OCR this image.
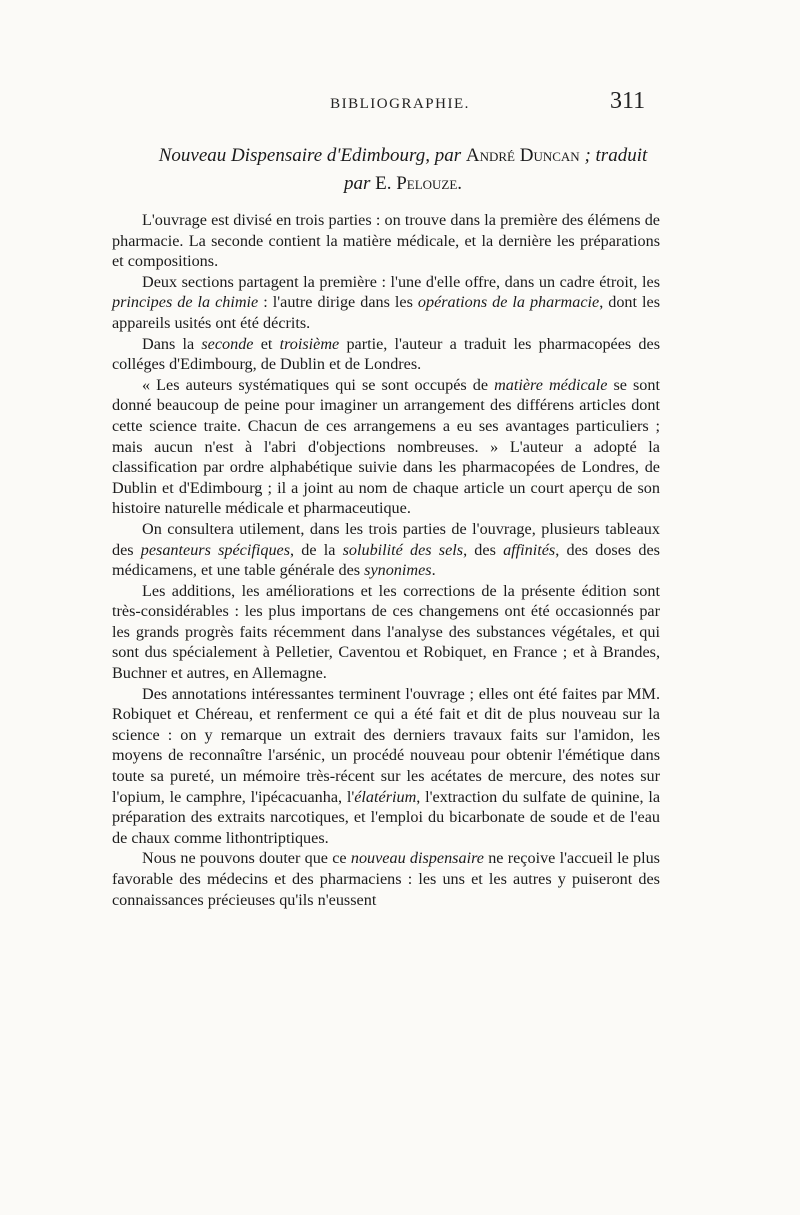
BIBLIOGRAPHIE.	311
Nouveau Dispensaire d'Edimbourg, par André Duncan ; traduit
par E. Pelouze.

L'ouvrage est divisé en trois parties : on trouve dans la première des élémens de pharmacie. La seconde contient la matière médicale, et la dernière les préparations et compositions.

Deux sections partagent la première : l'une d'elle offre, dans un cadre étroit, les principes de la chimie : l'autre dirige dans les opérations de la pharmacie, dont les appareils usités ont été décrits.

Dans la seconde et troisième partie, l'auteur a traduit les pharmacopées des colléges d'Edimbourg, de Dublin et de Londres.

« Les auteurs systématiques qui se sont occupés de matière médicale se sont donné beaucoup de peine pour imaginer un arrangement des différens articles dont cette science traite. Chacun de ces arrangemens a eu ses avantages particuliers ; mais aucun n'est à l'abri d'objections nombreuses. » L'auteur a adopté la classification par ordre alphabétique suivie dans les pharmacopées de Londres, de Dublin et d'Edimbourg ; il a joint au nom de chaque article un court aperçu de son histoire naturelle médicale et pharmaceutique.

On consultera utilement, dans les trois parties de l'ouvrage, plusieurs tableaux des pesanteurs spécifiques, de la solubilité des sels, des affinités, des doses des médicamens, et une table générale des synonimes.

Les additions, les améliorations et les corrections de la présente édition sont très-considérables : les plus importans de ces changemens ont été occasionnés par les grands progrès faits récemment dans l'analyse des substances végétales, et qui sont dus spécialement à Pelletier, Caventou et Robiquet, en France ; et à Brandes, Buchner et autres, en Allemagne.

Des annotations intéressantes terminent l'ouvrage ; elles ont été faites par MM. Robiquet et Chéreau, et renferment ce qui a été fait et dit de plus nouveau sur la science : on y remarque un extrait des derniers travaux faits sur l'amidon, les moyens de reconnaître l'arsénic, un procédé nouveau pour obtenir l'émétique dans toute sa pureté, un mémoire très-récent sur les acétates de mercure, des notes sur l'opium, le camphre, l'ipécacuanha, l'élatérium, l'extraction du sulfate de quinine, la préparation des extraits narcotiques, et l'emploi du bicarbonate de soude et de l'eau de chaux comme lithontriptiques.

Nous ne pouvons douter que ce nouveau dispensaire ne reçoive l'accueil le plus favorable des médecins et des pharmaciens : les uns et les autres y puiseront des connaissances précieuses qu'ils n'eussent
